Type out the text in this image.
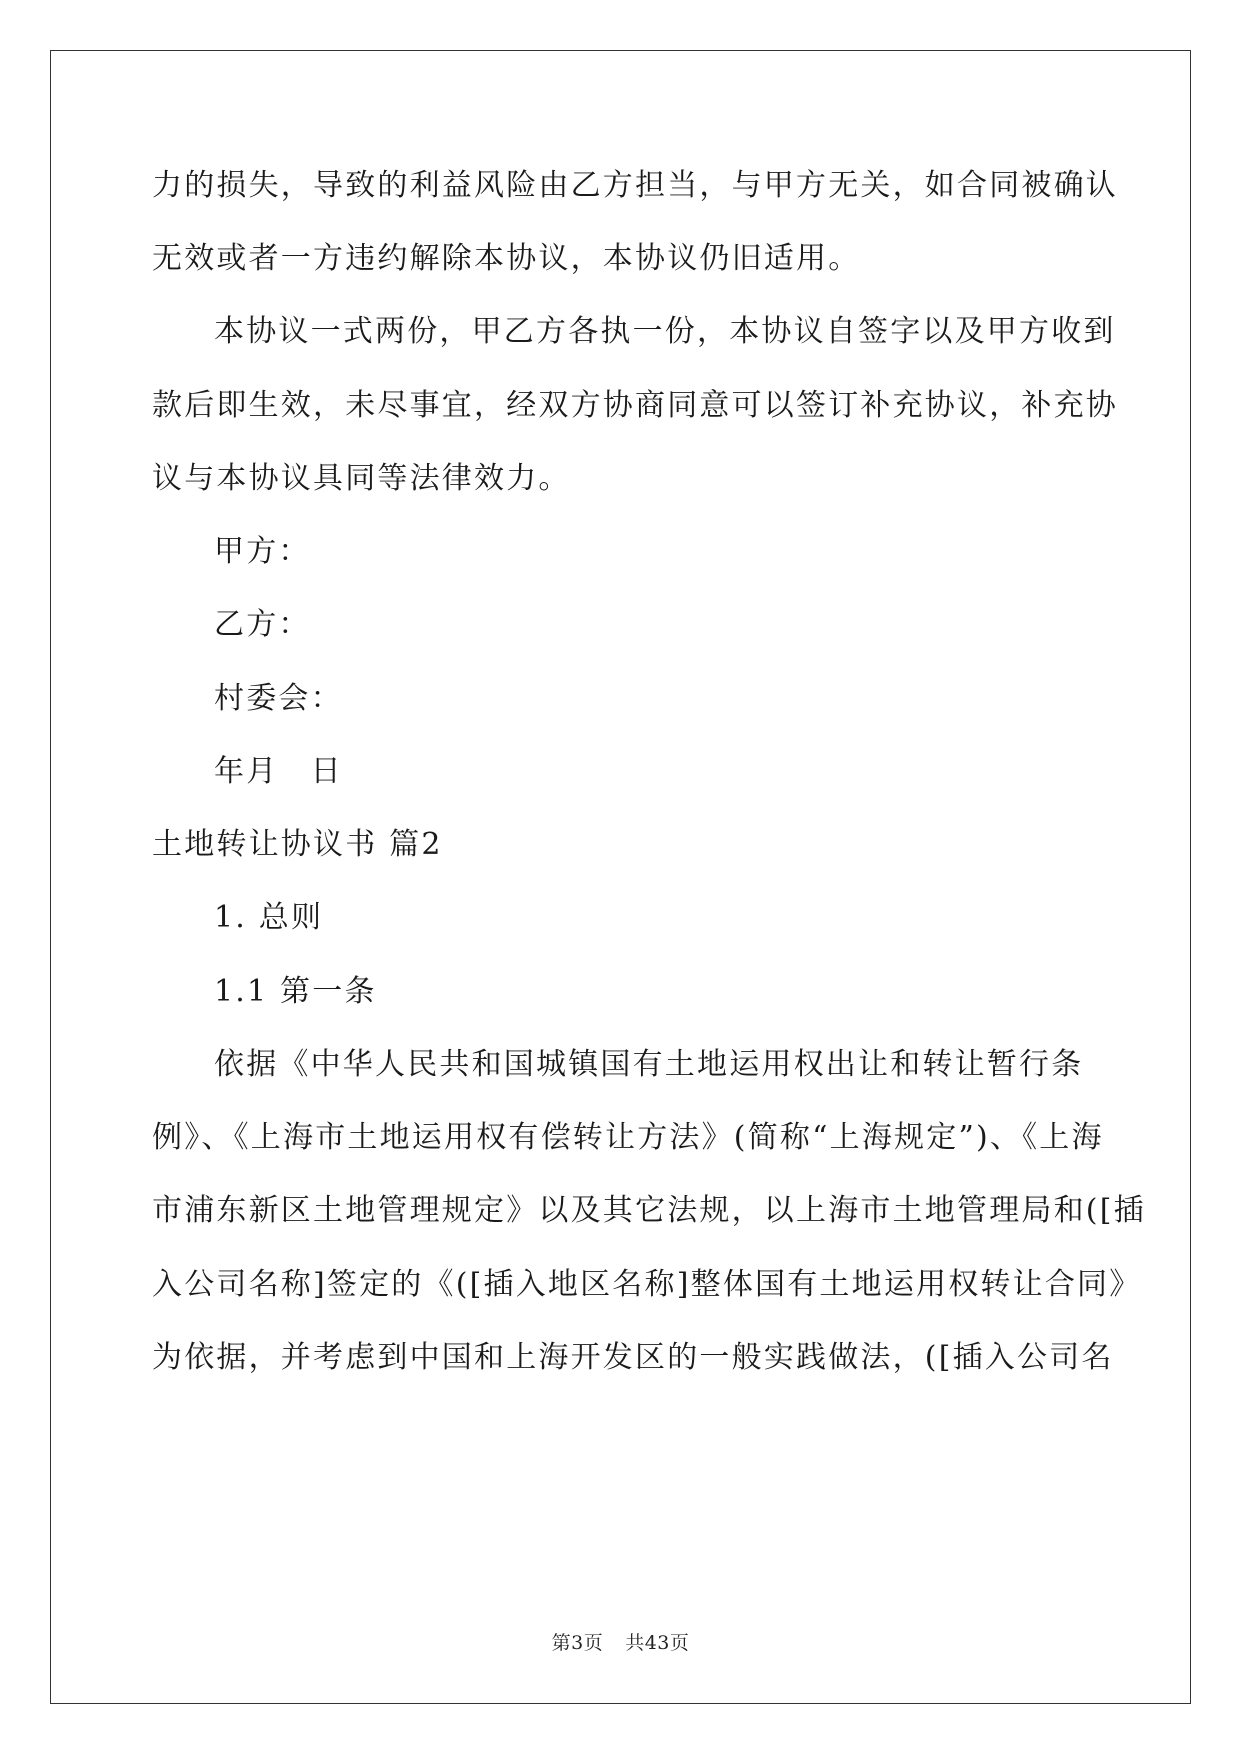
力的损失，导致的利益风险由乙方担当，与甲方无关，如合同被确认
无效或者一方违约解除本协议，本协议仍旧适用。
本协议一式两份，甲乙方各执一份，本协议自签字以及甲方收到
款后即生效，未尽事宜，经双方协商同意可以签订补充协议，补充协
议与本协议具同等法律效力。
甲方：
乙方：
村委会：
年月　日
土地转让协议书 篇2
1. 总则
1.1 第一条
依据《中华人民共和国城镇国有土地运用权出让和转让暂行条
例》、《上海市土地运用权有偿转让方法》(简称“上海规定”)、《上海
市浦东新区土地管理规定》以及其它法规，以上海市土地管理局和([插
入公司名称]签定的《([插入地区名称]整体国有土地运用权转让合同》
为依据，并考虑到中国和上海开发区的一般实践做法，([插入公司名
第3页 共43页
